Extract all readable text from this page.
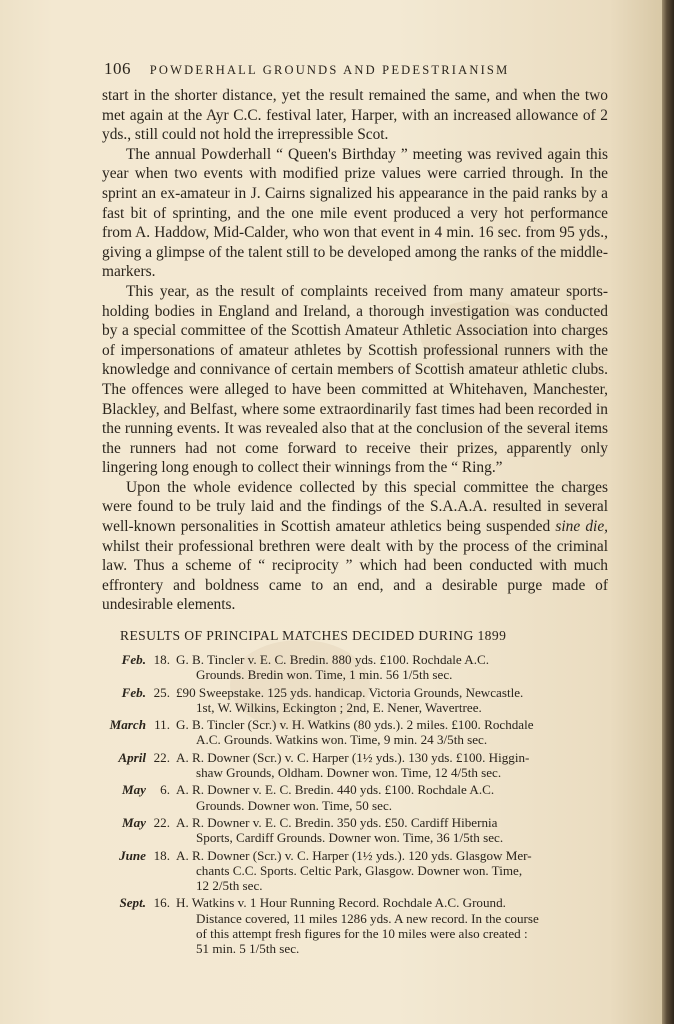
106 POWDERHALL GROUNDS AND PEDESTRIANISM

start in the shorter distance, yet the result remained the same, and when the two met again at the Ayr C.C. festival later, Harper, with an increased allowance of 2 yds., still could not hold the irrepressible Scot.

The annual Powderhall “ Queen's Birthday ” meeting was revived again this year when two events with modified prize values were carried through. In the sprint an ex-amateur in J. Cairns signalized his appearance in the paid ranks by a fast bit of sprinting, and the one mile event produced a very hot performance from A. Haddow, Mid-Calder, who won that event in 4 min. 16 sec. from 95 yds., giving a glimpse of the talent still to be developed among the ranks of the middle-markers.

This year, as the result of complaints received from many amateur sports-holding bodies in England and Ireland, a thorough investigation was conducted by a special committee of the Scottish Amateur Athletic Association into charges of impersonations of amateur athletes by Scottish professional runners with the knowledge and connivance of certain members of Scottish amateur athletic clubs. The offences were alleged to have been committed at Whitehaven, Manchester, Blackley, and Belfast, where some extraordinarily fast times had been recorded in the running events. It was revealed also that at the conclusion of the several items the runners had not come forward to receive their prizes, apparently only lingering long enough to collect their winnings from the “ Ring.”

Upon the whole evidence collected by this special committee the charges were found to be truly laid and the findings of the S.A.A.A. resulted in several well-known personalities in Scottish amateur athletics being suspended sine die, whilst their professional brethren were dealt with by the process of the criminal law. Thus a scheme of “ reciprocity ” which had been conducted with much effrontery and boldness came to an end, and a desirable purge made of undesirable elements.

RESULTS OF PRINCIPAL MATCHES DECIDED DURING 1899
Feb. 18. G. B. Tincler v. E. C. Bredin. 880 yds. £100. Rochdale A.C.
Grounds. Bredin won. Time, 1 min. 56 1/5th sec.
Feb. 25. £90 Sweepstake. 125 yds. handicap. Victoria Grounds, Newcastle.
1st, W. Wilkins, Eckington ; 2nd, E. Nener, Wavertree.
March 11. G. B. Tincler (Scr.) v. H. Watkins (80 yds.). 2 miles. £100. Rochdale
A.C. Grounds. Watkins won. Time, 9 min. 24 3/5th sec.
April 22. A. R. Downer (Scr.) v. C. Harper (1½ yds.). 130 yds. £100. Higgin-
shaw Grounds, Oldham. Downer won. Time, 12 4/5th sec.
May	6. A. R. Downer v. E. C. Bredin. 440 yds. £100. Rochdale A.C.
Grounds. Downer won. Time, 50 sec.
May 22. A. R. Downer v. E. C. Bredin. 350 yds. £50. Cardiff Hibernia
Sports, Cardiff Grounds. Downer won. Time, 36 1/5th sec.
June 18. A. R. Downer (Scr.) v. C. Harper (1½ yds.). 120 yds. Glasgow Mer-
chants C.C. Sports. Celtic Park, Glasgow. Downer won. Time,
12 2/5th sec.
Sept. 16. H. Watkins v. 1 Hour Running Record. Rochdale A.C. Ground.
Distance covered, 11 miles 1286 yds. A new record. In the course
of this attempt fresh figures for the 10 miles were also created :
51 min. 5 1/5th sec.
